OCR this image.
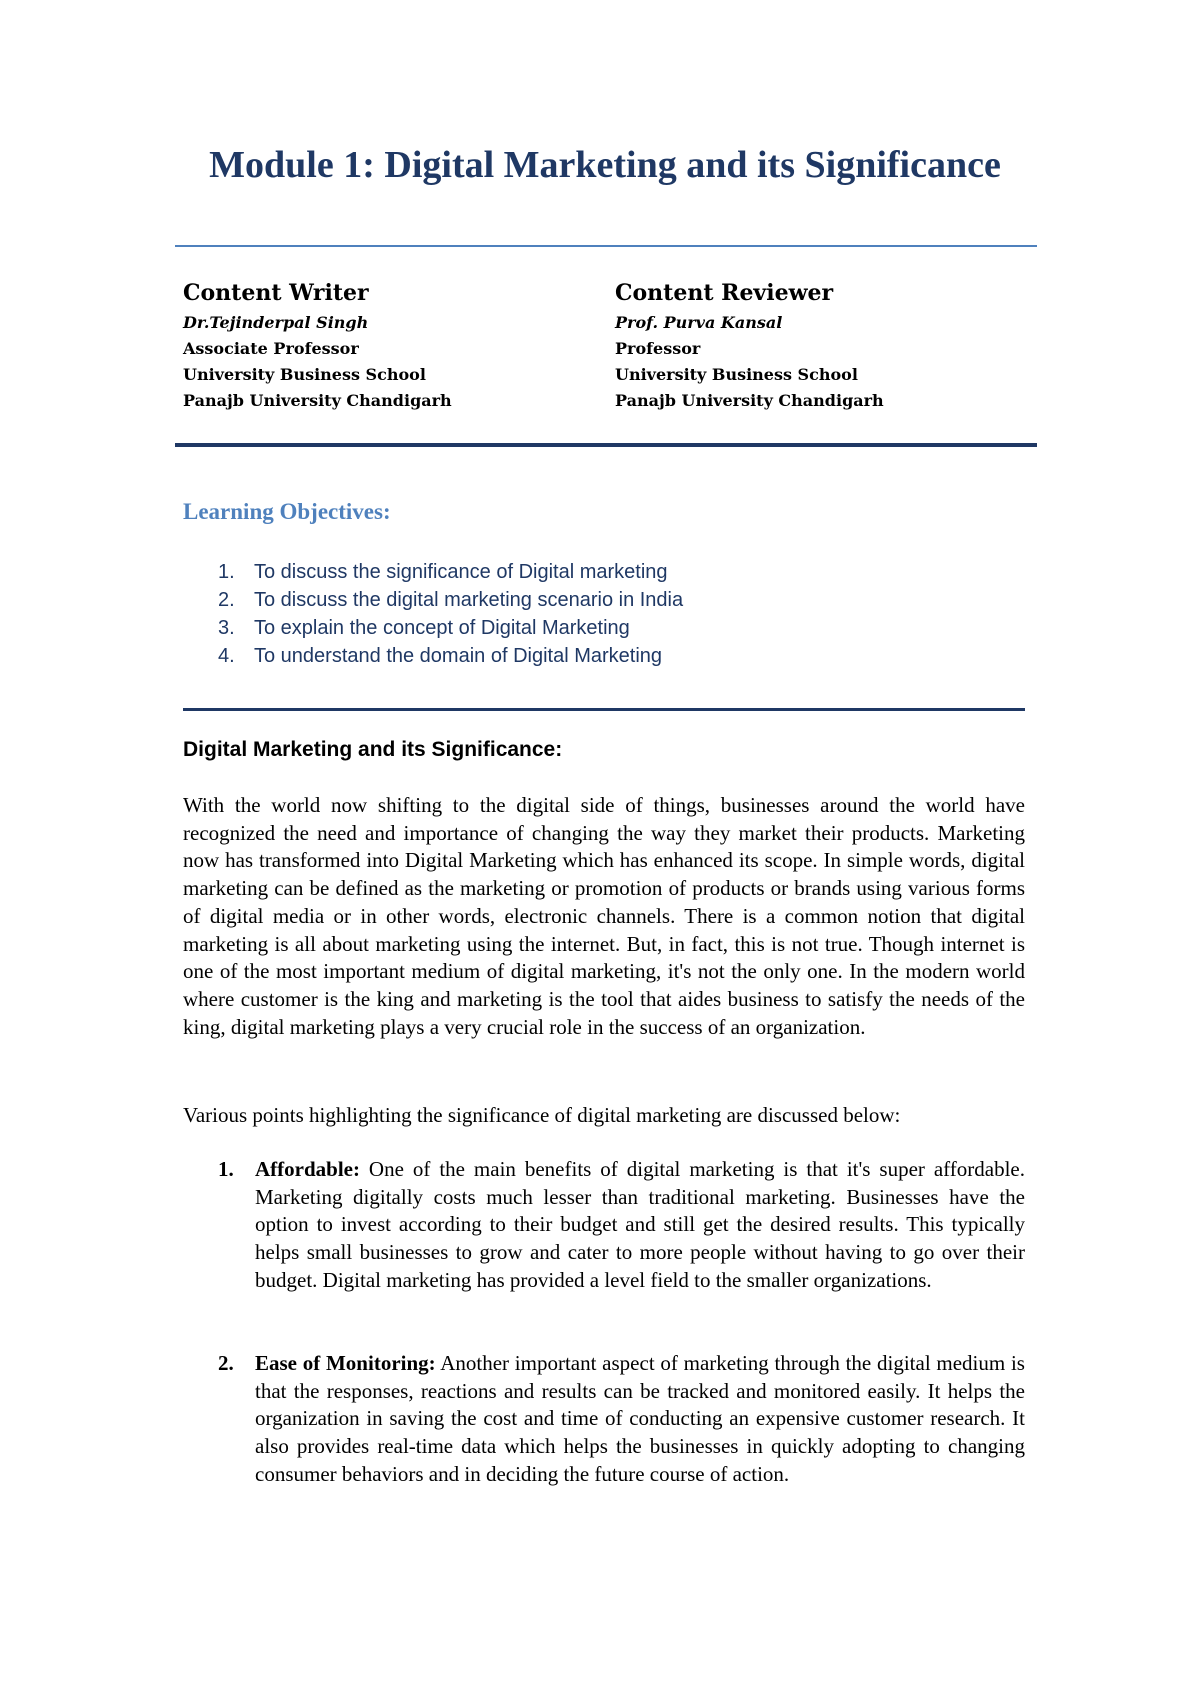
Module 1: Digital Marketing and its Significance
Content Writer
Dr.Tejinderpal Singh
Associate Professor
University Business School
Panajb University Chandigarh
Content Reviewer
Prof. Purva Kansal
Professor
University Business School
Panajb University Chandigarh
Learning Objectives:
1. To discuss the significance of Digital marketing
2. To discuss the digital marketing scenario in India
3. To explain the concept of Digital Marketing
4. To understand the domain of Digital Marketing
Digital Marketing and its Significance:

With the world now shifting to the digital side of things, businesses around the world have recognized the need and importance of changing the way they market their products. Marketing now has transformed into Digital Marketing which has enhanced its scope. In simple words, digital marketing can be defined as the marketing or promotion of products or brands using various forms of digital media or in other words, electronic channels. There is a common notion that digital marketing is all about marketing using the internet. But, in fact, this is not true. Though internet is one of the most important medium of digital marketing, it's not the only one. In the modern world where customer is the king and marketing is the tool that aides business to satisfy the needs of the king, digital marketing plays a very crucial role in the success of an organization.

Various points highlighting the significance of digital marketing are discussed below:

1.	Affordable: One of the main benefits of digital marketing is that it's super affordable. Marketing digitally costs much lesser than traditional marketing. Businesses have the option to invest according to their budget and still get the desired results. This typically helps small businesses to grow and cater to more people without having to go over their budget. Digital marketing has provided a level field to the smaller organizations.
2.	Ease of Monitoring: Another important aspect of marketing through the digital medium is that the responses, reactions and results can be tracked and monitored easily. It helps the organization in saving the cost and time of conducting an expensive customer research. It also provides real-time data which helps the businesses in quickly adopting to changing consumer behaviors and in deciding the future course of action.
